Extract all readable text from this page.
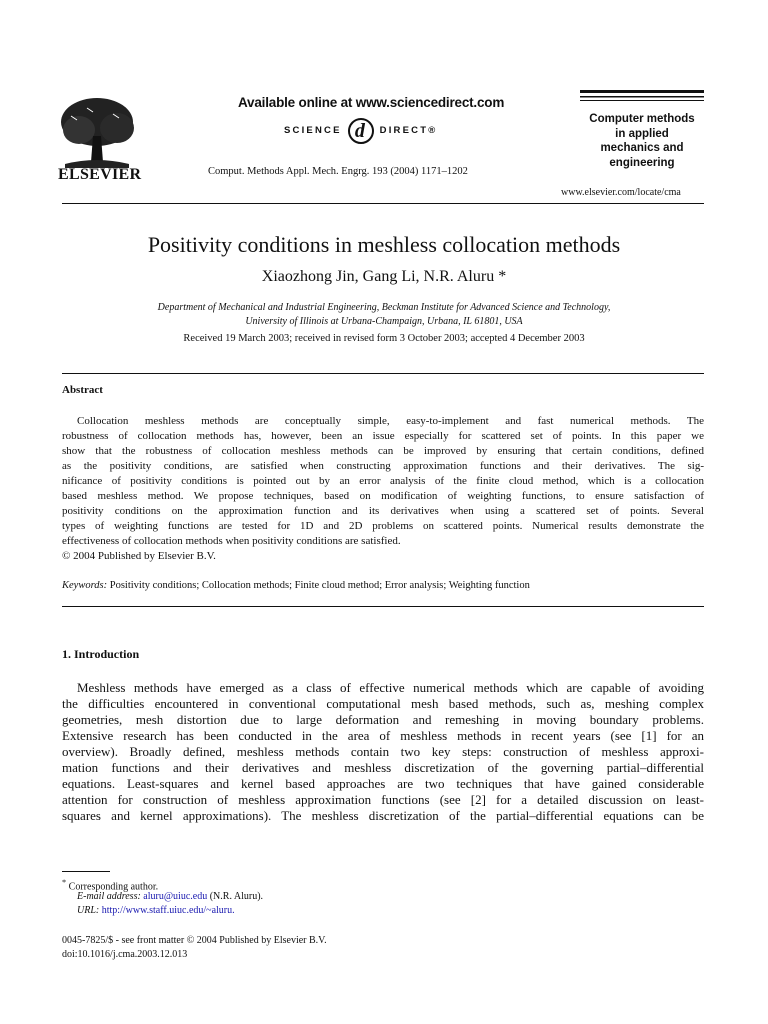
ELSEVIER
Available online at www.sciencedirect.com
SCIENCE d DIRECT®
Comput. Methods Appl. Mech. Engrg. 193 (2004) 1171–1202
Computer methods
in applied
mechanics and
engineering
www.elsevier.com/locate/cma
Positivity conditions in meshless collocation methods
Xiaozhong Jin, Gang Li, N.R. Aluru *
Department of Mechanical and Industrial Engineering, Beckman Institute for Advanced Science and Technology,
University of Illinois at Urbana-Champaign, Urbana, IL 61801, USA
Received 19 March 2003; received in revised form 3 October 2003; accepted 4 December 2003
Abstract
Collocation meshless methods are conceptually simple, easy-to-implement and fast numerical methods. The
robustness of collocation methods has, however, been an issue especially for scattered set of points. In this paper we
show that the robustness of collocation meshless methods can be improved by ensuring that certain conditions, defined
as the positivity conditions, are satisfied when constructing approximation functions and their derivatives. The sig-
nificance of positivity conditions is pointed out by an error analysis of the finite cloud method, which is a collocation
based meshless method. We propose techniques, based on modification of weighting functions, to ensure satisfaction of
positivity conditions on the approximation function and its derivatives when using a scattered set of points. Several
types of weighting functions are tested for 1D and 2D problems on scattered points. Numerical results demonstrate the
effectiveness of collocation methods when positivity conditions are satisfied.
© 2004 Published by Elsevier B.V.
Keywords: Positivity conditions; Collocation methods; Finite cloud method; Error analysis; Weighting function
1. Introduction
Meshless methods have emerged as a class of effective numerical methods which are capable of avoiding
the difficulties encountered in conventional computational mesh based methods, such as, meshing complex
geometries, mesh distortion due to large deformation and remeshing in moving boundary problems.
Extensive research has been conducted in the area of meshless methods in recent years (see [1] for an
overview). Broadly defined, meshless methods contain two key steps: construction of meshless approxi-
mation functions and their derivatives and meshless discretization of the governing partial–differential
equations. Least-squares and kernel based approaches are two techniques that have gained considerable
attention for construction of meshless approximation functions (see [2] for a detailed discussion on least-
squares and kernel approximations). The meshless discretization of the partial–differential equations can be
* Corresponding author.
E-mail address: aluru@uiuc.edu (N.R. Aluru).
URL: http://www.staff.uiuc.edu/~aluru.
0045-7825/$ - see front matter © 2004 Published by Elsevier B.V.
doi:10.1016/j.cma.2003.12.013
